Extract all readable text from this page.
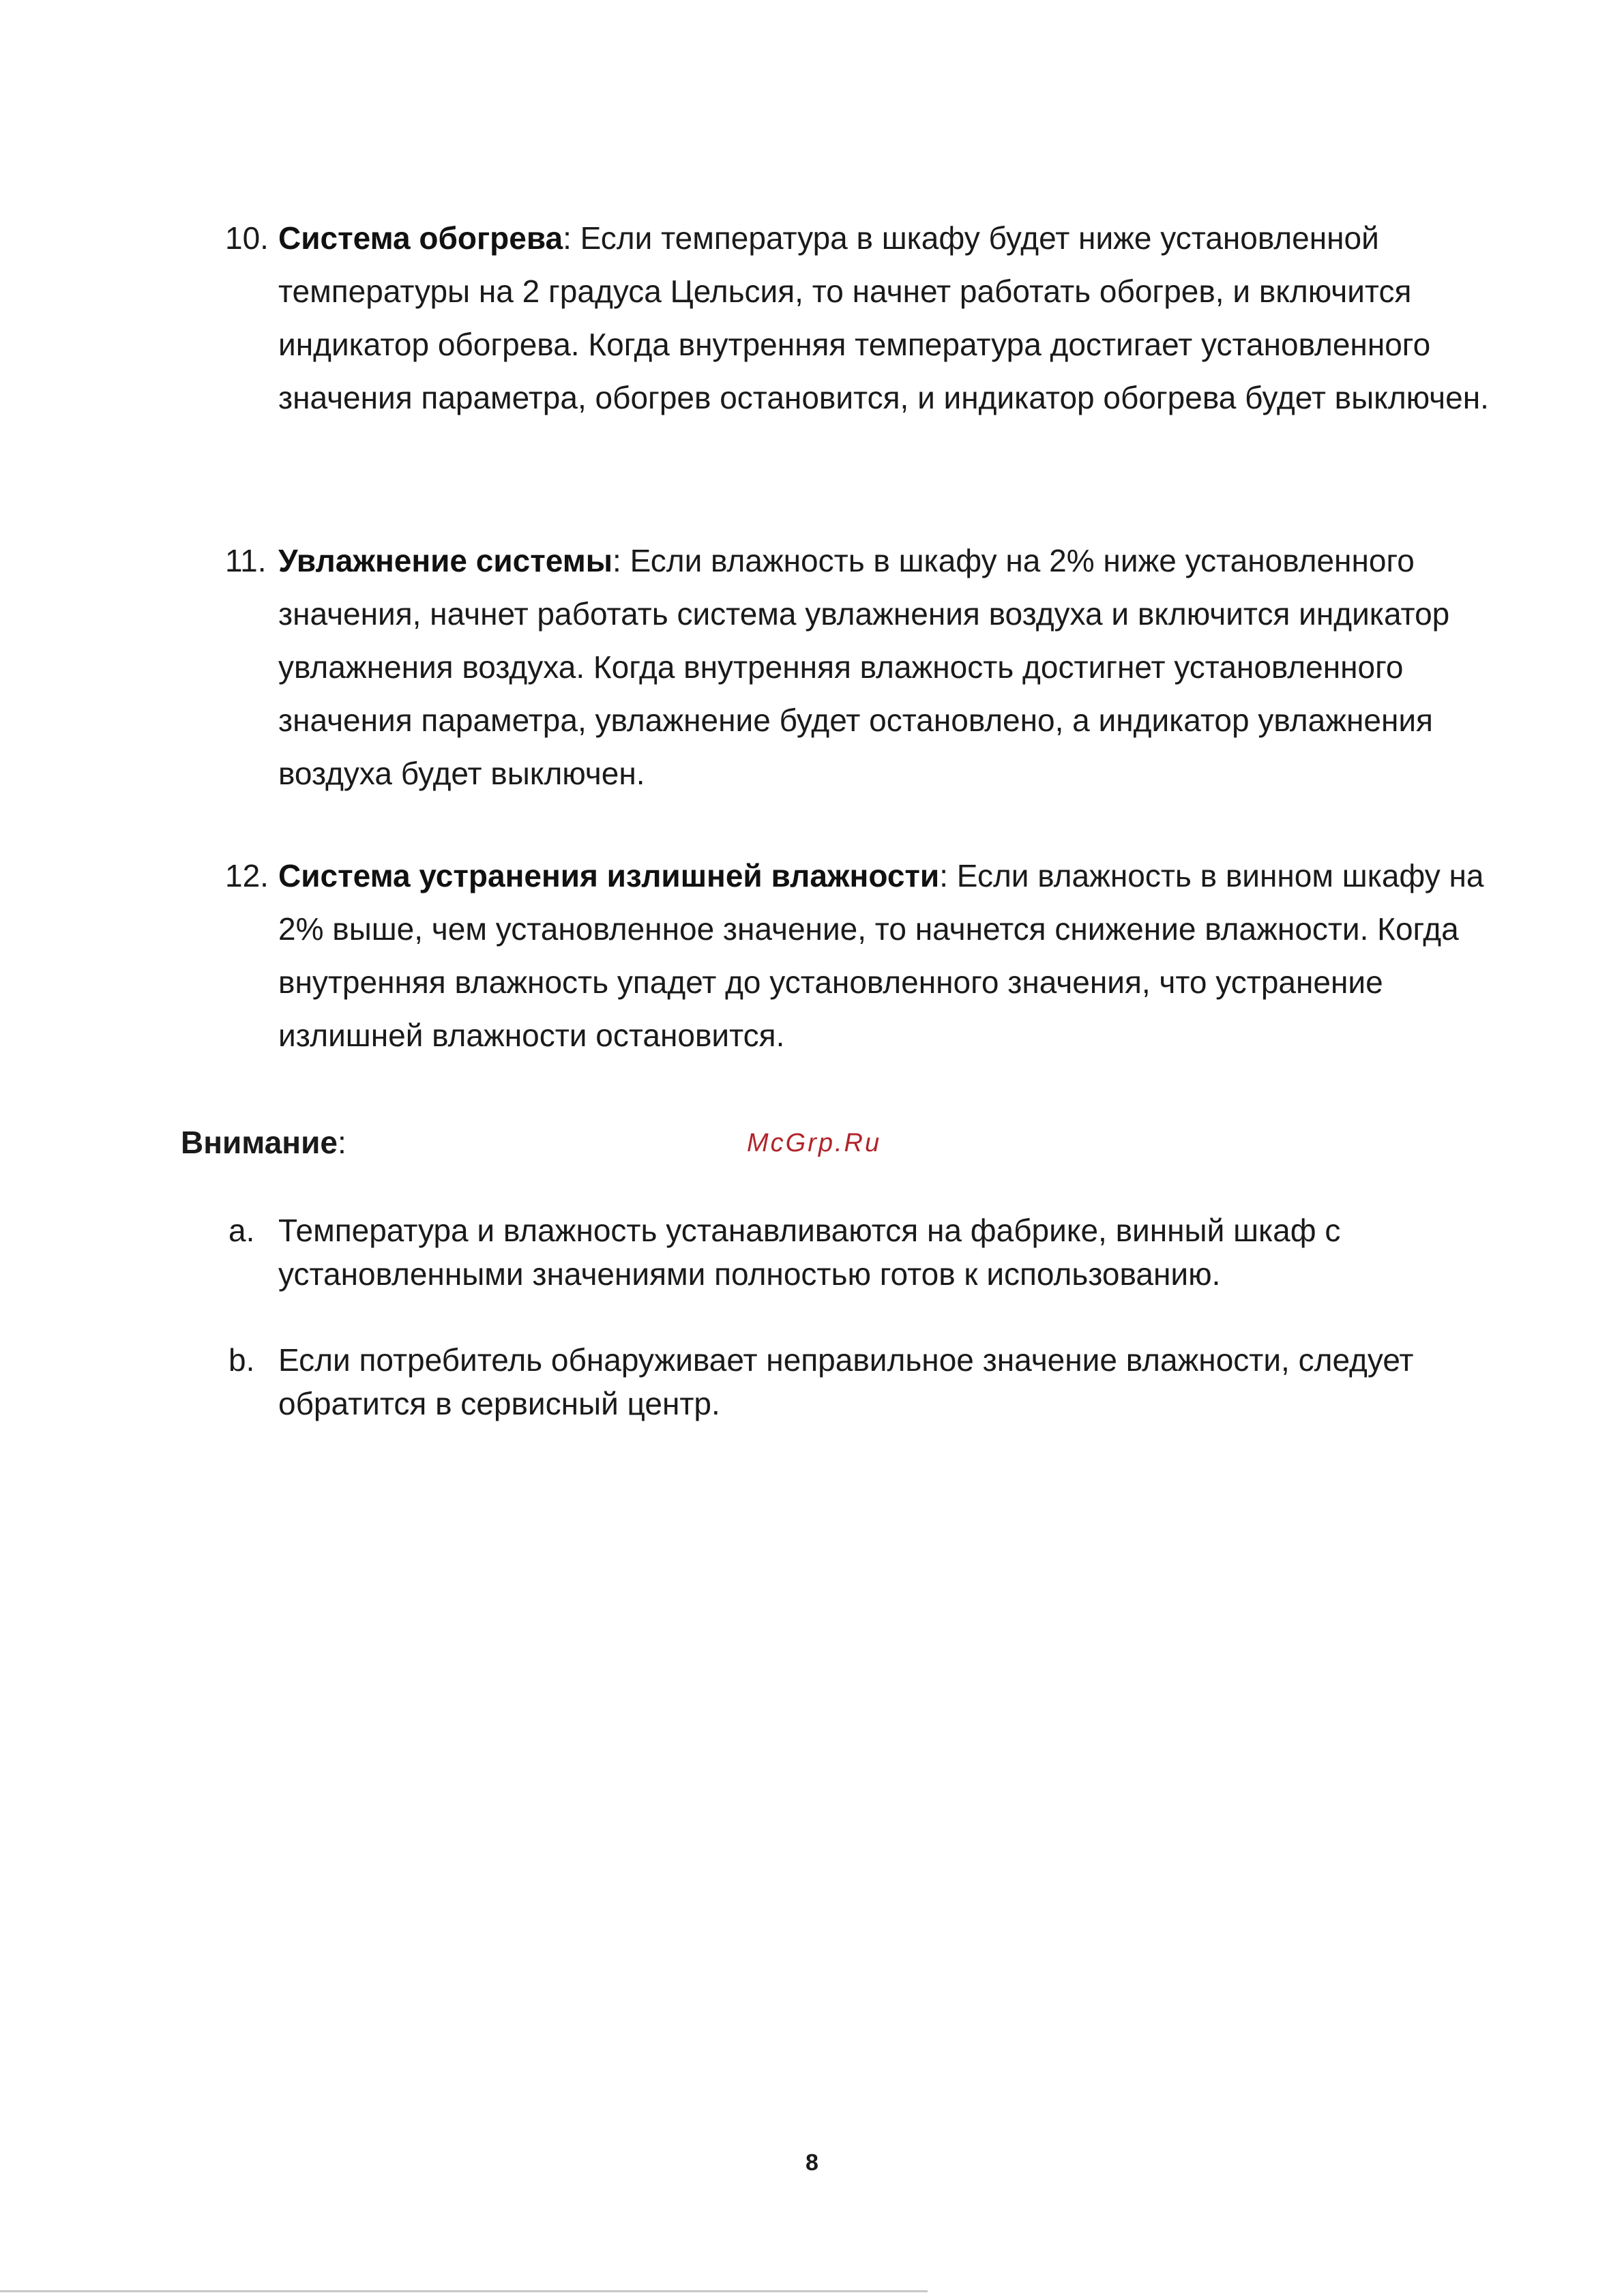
10. Система обогрева: Если температура в шкафу будет ниже установленной температуры на 2 градуса Цельсия, то начнет работать обогрев, и включится индикатор обогрева. Когда внутренняя температура достигает установленного значения параметра, обогрев остановится, и индикатор обогрева будет выключен.
11. Увлажнение системы: Если влажность в шкафу на 2% ниже установленного значения, начнет работать система увлажнения воздуха и включится индикатор увлажнения воздуха. Когда внутренняя влажность достигнет установленного значения параметра, увлажнение будет остановлено, а индикатор увлажнения воздуха будет выключен.
12. Система устранения излишней влажности: Если влажность в винном шкафу на 2% выше, чем установленное значение, то начнется снижение влажности. Когда внутренняя влажность упадет до установленного значения, что устранение излишней влажности остановится.
Внимание:	McGrp.Ru
a. Температура и влажность устанавливаются на фабрике, винный шкаф с установленными значениями полностью готов к использованию.
b. Если потребитель обнаруживает неправильное значение влажности, следует обратится в сервисный центр.
8
